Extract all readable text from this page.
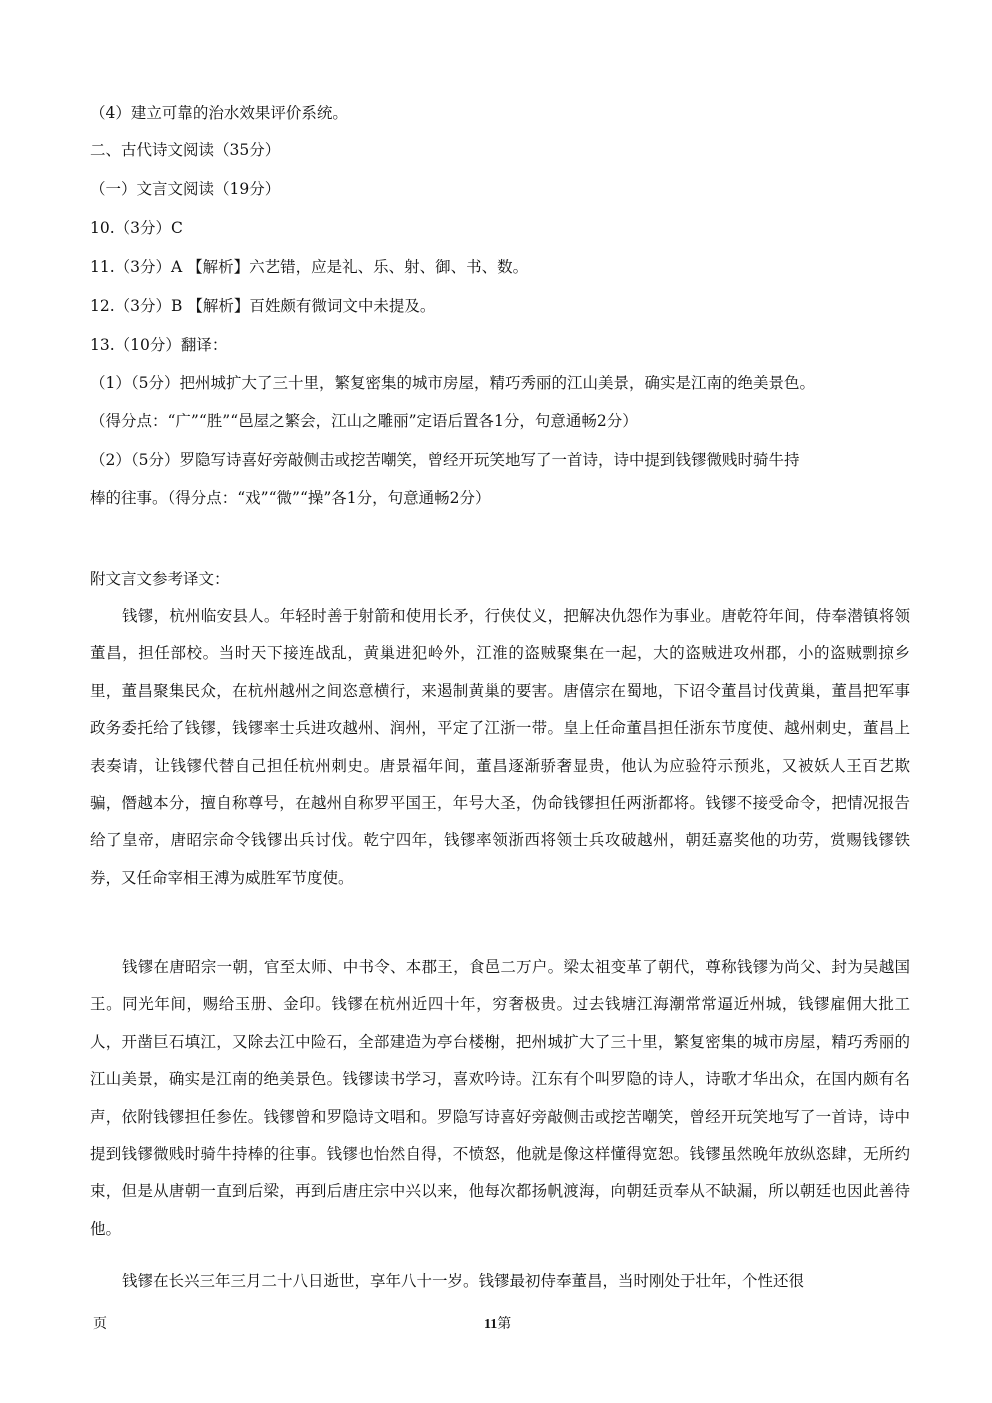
（4）建立可靠的治水效果评价系统。
二、古代诗文阅读（35分）
（一）文言文阅读（19分）
10.（3分）C
11.（3分）A 【解析】六艺错，应是礼、乐、射、御、书、数。
12.（3分）B 【解析】百姓颇有微词文中未提及。
13.（10分）翻译：
（1）（5分）把州城扩大了三十里，繁复密集的城市房屋，精巧秀丽的江山美景，确实是江南的绝美景色。
（得分点：“广”“胜”“邑屋之繁会，江山之雕丽”定语后置各1分，句意通畅2分）
（2）（5分）罗隐写诗喜好旁敲侧击或挖苦嘲笑，曾经开玩笑地写了一首诗，诗中提到钱镠微贱时骑牛持
棒的往事。（得分点：“戏”“微”“操”各1分，句意通畅2分）
附文言文参考译文：

钱镠，杭州临安县人。年轻时善于射箭和使用长矛，行侠仗义，把解决仇怨作为事业。唐乾符年间，侍奉潜镇将领董昌，担任部校。当时天下接连战乱，黄巢进犯岭外，江淮的盗贼聚集在一起，大的盗贼进攻州郡，小的盗贼剽掠乡里，董昌聚集民众，在杭州越州之间恣意横行，来遏制黄巢的要害。唐僖宗在蜀地，下诏令董昌讨伐黄巢，董昌把军事政务委托给了钱镠，钱镠率士兵进攻越州、润州，平定了江浙一带。皇上任命董昌担任浙东节度使、越州刺史，董昌上表奏请，让钱镠代替自己担任杭州刺史。唐景福年间，董昌逐渐骄奢显贵，他认为应验符示预兆，又被妖人王百艺欺骗，僭越本分，擅自称尊号，在越州自称罗平国王，年号大圣，伪命钱镠担任两浙都将。钱镠不接受命令，把情况报告给了皇帝，唐昭宗命令钱镠出兵讨伐。乾宁四年，钱镠率领浙西将领士兵攻破越州，朝廷嘉奖他的功劳，赏赐钱镠铁券，又任命宰相王溥为威胜军节度使。

钱镠在唐昭宗一朝，官至太师、中书令、本郡王，食邑二万户。梁太祖变革了朝代，尊称钱镠为尚父、封为吴越国王。同光年间，赐给玉册、金印。钱镠在杭州近四十年，穷奢极贵。过去钱塘江海潮常常逼近州城，钱镠雇佣大批工人，开凿巨石填江，又除去江中险石，全部建造为亭台楼榭，把州城扩大了三十里，繁复密集的城市房屋，精巧秀丽的江山美景，确实是江南的绝美景色。钱镠读书学习，喜欢吟诗。江东有个叫罗隐的诗人，诗歌才华出众，在国内颇有名声，依附钱镠担任参佐。钱镠曾和罗隐诗文唱和。罗隐写诗喜好旁敲侧击或挖苦嘲笑，曾经开玩笑地写了一首诗，诗中提到钱镠微贱时骑牛持棒的往事。钱镠也怡然自得，不愤怒，他就是像这样懂得宽恕。钱镠虽然晚年放纵恣肆，无所约束，但是从唐朝一直到后梁，再到后唐庄宗中兴以来，他每次都扬帆渡海，向朝廷贡奉从不缺漏，所以朝廷也因此善待他。

钱镠在长兴三年三月二十八日逝世，享年八十一岁。钱镠最初侍奉董昌，当时刚处于壮年，个性还很

页	11第
